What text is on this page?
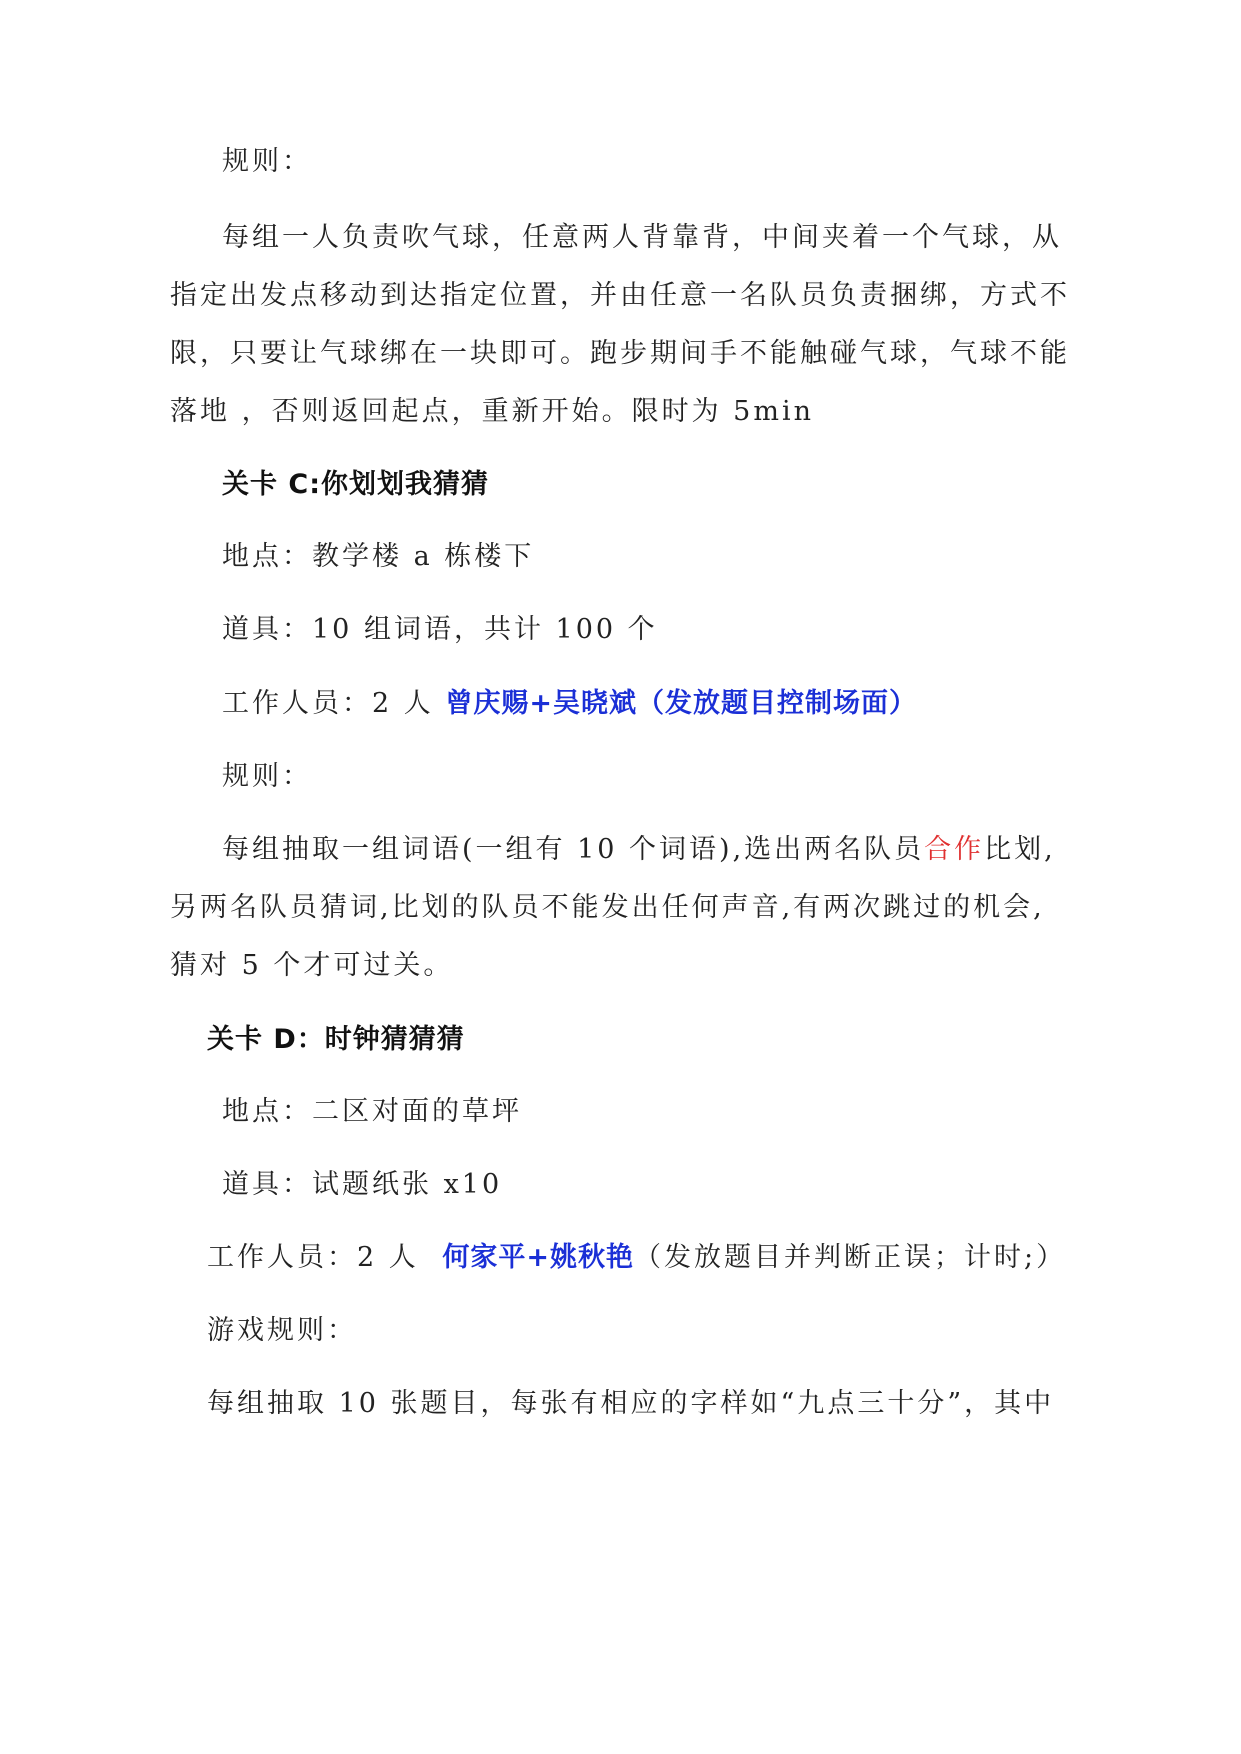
规则：
每组一人负责吹气球，任意两人背靠背，中间夹着一个气球，从
指定出发点移动到达指定位置，并由任意一名队员负责捆绑，方式不
限，只要让气球绑在一块即可。跑步期间手不能触碰气球，气球不能
落地 ，否则返回起点，重新开始。限时为 5min
关卡 C:你划划我猜猜
地点：教学楼 a 栋楼下
道具：10 组词语，共计 100 个
工作人员：2 人 曾庆赐+吴晓斌（发放题目控制场面）
规则：
每组抽取一组词语(一组有 10 个词语),选出两名队员合作比划,
另两名队员猜词,比划的队员不能发出任何声音,有两次跳过的机会,
猜对 5 个才可过关。
关卡 D：时钟猜猜猜
地点：二区对面的草坪
道具：试题纸张 x10
工作人员：2 人 何家平+姚秋艳（发放题目并判断正误；计时;）
游戏规则：
每组抽取 10 张题目，每张有相应的字样如“九点三十分”，其中
